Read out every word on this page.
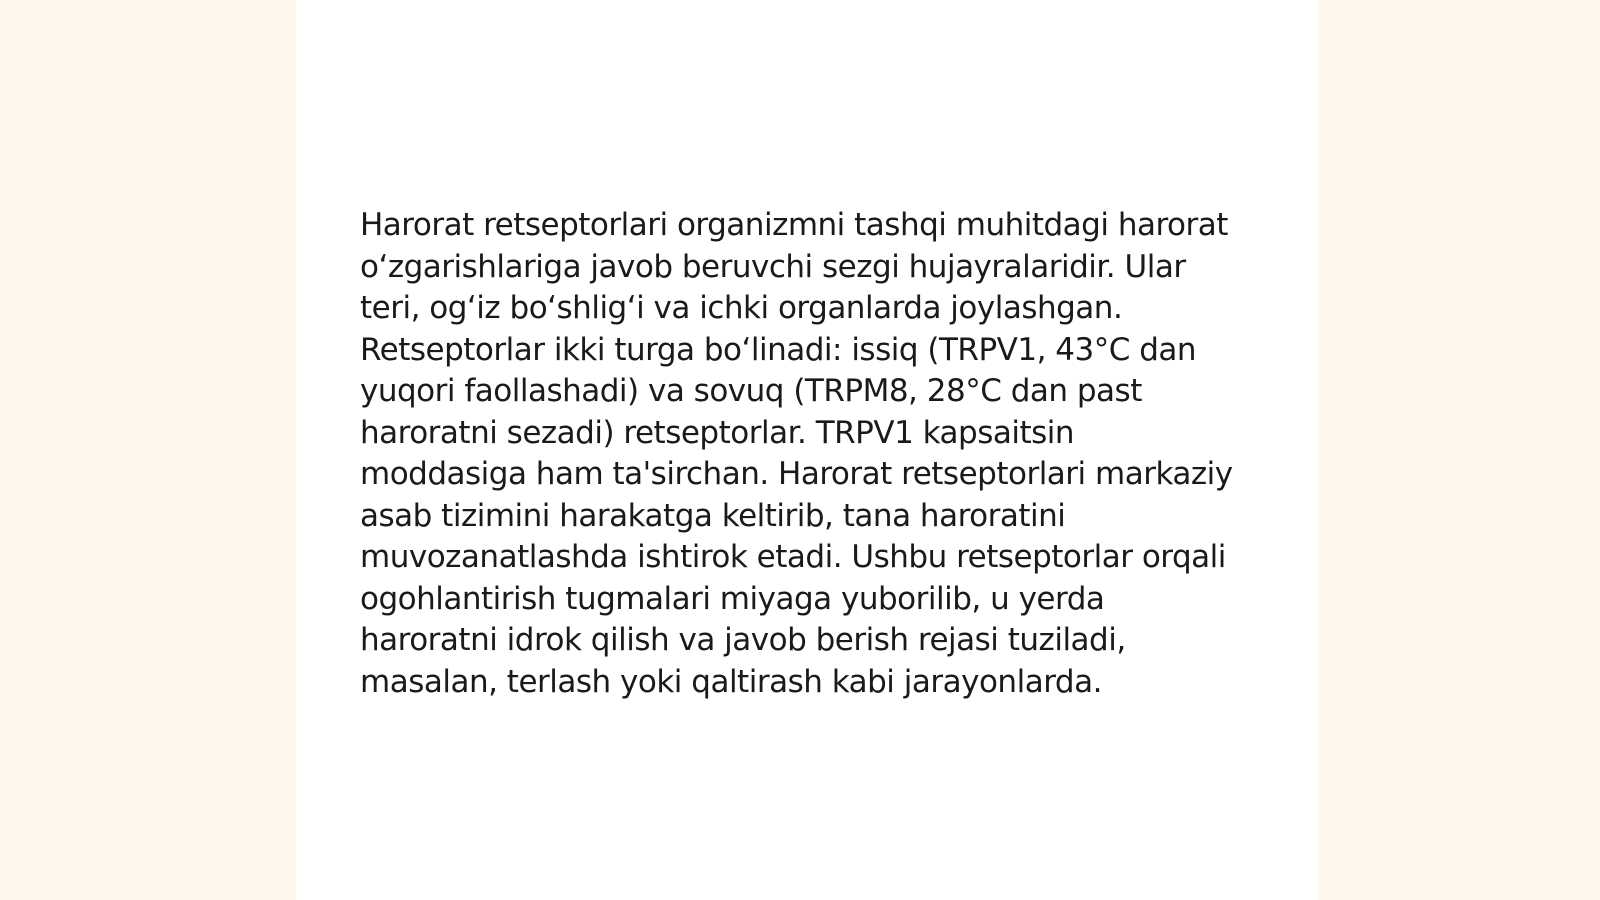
Harorat retseptorlari organizmni tashqi muhitdagi harorat o‘zgarishlariga javob beruvchi sezgi hujayralaridir. Ular teri, og‘iz bo‘shlig‘i va ichki organlarda joylashgan. Retseptorlar ikki turga bo‘linadi: issiq (TRPV1, 43°C dan yuqori faollashadi) va sovuq (TRPM8, 28°C dan past haroratni sezadi) retseptorlar. TRPV1 kapsaitsin moddasiga ham ta'sirchan. Harorat retseptorlari markaziy asab tizimini harakatga keltirib, tana haroratini muvozanatlashda ishtirok etadi. Ushbu retseptorlar orqali ogohlantirish tugmalari miyaga yuborilib, u yerda haroratni idrok qilish va javob berish rejasi tuziladi, masalan, terlash yoki qaltirash kabi jarayonlarda.
